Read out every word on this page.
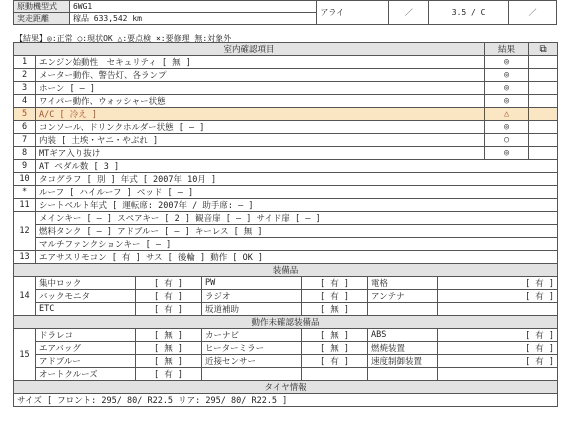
原動機型式	6WG1	アライ	／	3.5 / C	／
実走距離	稼品 633,542 km				
【結果】◎:正常 ○:現状OK △:要点検 ×:要修理 無:対象外
室内確認項目							結果	⧉
1	エンジン始動性　セキュリティ [ 無 ]						◎	
2	メーター動作、警告灯、各ランプ						◎	
3	ホーン [ ― ]						◎	
4	ワイパー動作、ウォッシャー状態						◎	
5	A/C [ 冷え ]						△	
6	コンソール、ドリンクホルダー状態 [ ― ]						◎	
7	内装 [ 土埃・ヤニ・やぶれ ]						○	
8	MTギア入り抜け						◎	
9	AT ペダル数 [ 3 ]							
10	タコグラフ [ 別 ] 年式 [ 2007年 10月 ]							
*	ルーフ [ ハイルーフ ] ベッド [ ― ]							
11	シートベルト年式 [ 運転席: 2007年 / 助手席: ― ]							
12	メインキー [ ― ] スペアキー [ 2 ] 観音扉 [ ― ] サイド扉 [ ― ]							
	燃料タンク [ ― ] アドブルー [ ― ] キーレス [ 無 ]							
	マルチファンクションキー [ ― ]							
13	エアサスリモコン [ 有 ] サス [ 後輪 ] 動作 [ OK ]							
装備品								
14	集中ロック	[ 有 ]	PW	[ 有 ]	電格	[ 有 ]		
	バックモニタ	[ 有 ]	ラジオ	[ 有 ]	アンテナ	[ 有 ]		
	ETC	[ 有 ]	坂道補助	[ 無 ]				
動作未確認装備品								
15	ドラレコ	[ 無 ]	カーナビ	[ 無 ]	ABS	[ 有 ]		
	エアバッグ	[ 無 ]	ヒーターミラー	[ 無 ]	燃焼装置	[ 有 ]		
	アドブルー	[ 無 ]	近接センサー	[ 有 ]	速度制御装置	[ 有 ]		
	オートクルーズ	[ 有 ]						
タイヤ情報								
サイズ [ フロント: 295/ 80/ R22.5 リア: 295/ 80/ R22.5 ]								
